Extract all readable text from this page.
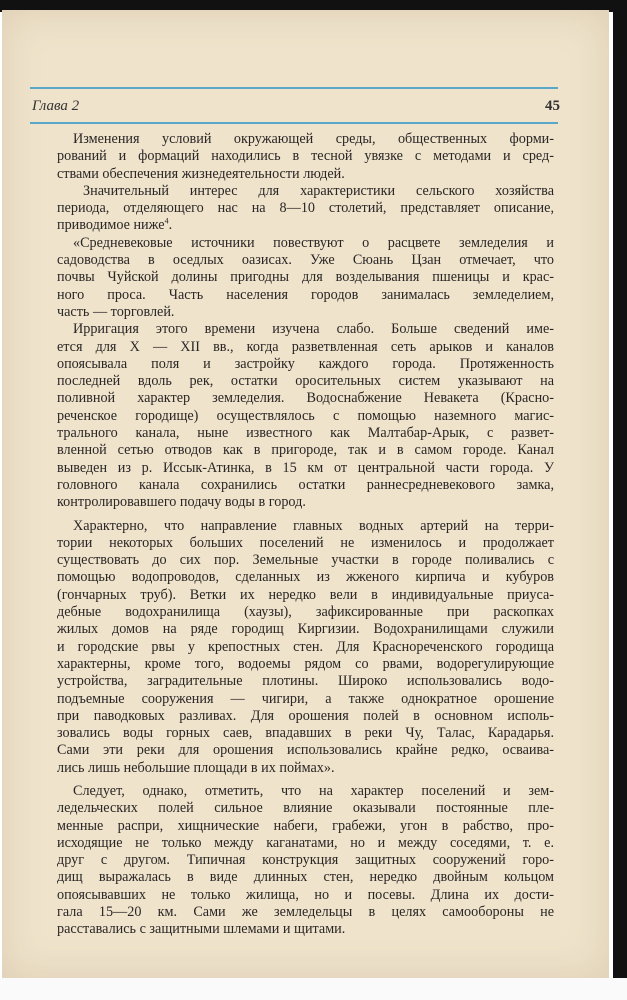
Глава 2	45
Изменения условий окружающей среды, общественных форми-
рований и формаций находились в тесной увязке с методами и сред-
ствами обеспечения жизнедеятельности людей.
Значительный интерес для характеристики сельского хозяйства
периода, отделяющего нас на 8—10 столетий, представляет описание,
приводимое ниже$^4$.
«Средневековые источники повествуют о расцвете земледелия и
садоводства в оседлых оазисах. Уже Сюань Цзан отмечает, что
почвы Чуйской долины пригодны для возделывания пшеницы и крас-
ного проса. Часть населения городов занималась земледелием,
часть — торговлей.
Ирригация этого времени изучена слабо. Больше сведений име-
ется для X — XII вв., когда разветвленная сеть арыков и каналов
опоясывала поля и застройку каждого города. Протяженность
последней вдоль рек, остатки оросительных систем указывают на
поливной характер земледелия. Водоснабжение Невакета (Красно-
реченское городище) осуществлялось с помощью наземного магис-
трального канала, ныне известного как Малтабар-Арык, с развет-
вленной сетью отводов как в пригороде, так и в самом городе. Канал
выведен из р. Иссык-Атинка, в 15 км от центральной части города. У
головного канала сохранились остатки раннесредневекового замка,
контролировавшего подачу воды в город.
Характерно, что направление главных водных артерий на терри-
тории некоторых больших поселений не изменилось и продолжает
существовать до сих пор. Земельные участки в городе поливались с
помощью водопроводов, сделанных из жженого кирпича и кубуров
(гончарных труб). Ветки их нередко вели в индивидуальные приуса-
дебные водохранилища (хаузы), зафиксированные при раскопках
жилых домов на ряде городищ Киргизии. Водохранилищами служили
и городские рвы у крепостных стен. Для Краснореченского городища
характерны, кроме того, водоемы рядом со рвами, водорегулирующие
устройства, заградительные плотины. Широко использовались водо-
подъемные сооружения — чигири, а также однократное орошение
при паводковых разливах. Для орошения полей в основном исполь-
зовались воды горных саев, впадавших в реки Чу, Талас, Карадарья.
Сами эти реки для орошения использовались крайне редко, осваива-
лись лишь небольшие площади в их поймах».
Следует, однако, отметить, что на характер поселений и зем-
ледельческих полей сильное влияние оказывали постоянные пле-
менные распри, хищнические набеги, грабежи, угон в рабство, про-
исходящие не только между каганатами, но и между соседями, т. е.
друг с другом. Типичная конструкция защитных сооружений горо-
дищ выражалась в виде длинных стен, нередко двойным кольцом
опоясывавших не только жилища, но и посевы. Длина их дости-
гала 15—20 км. Сами же земледельцы в целях самообороны не
расставались с защитными шлемами и щитами.
